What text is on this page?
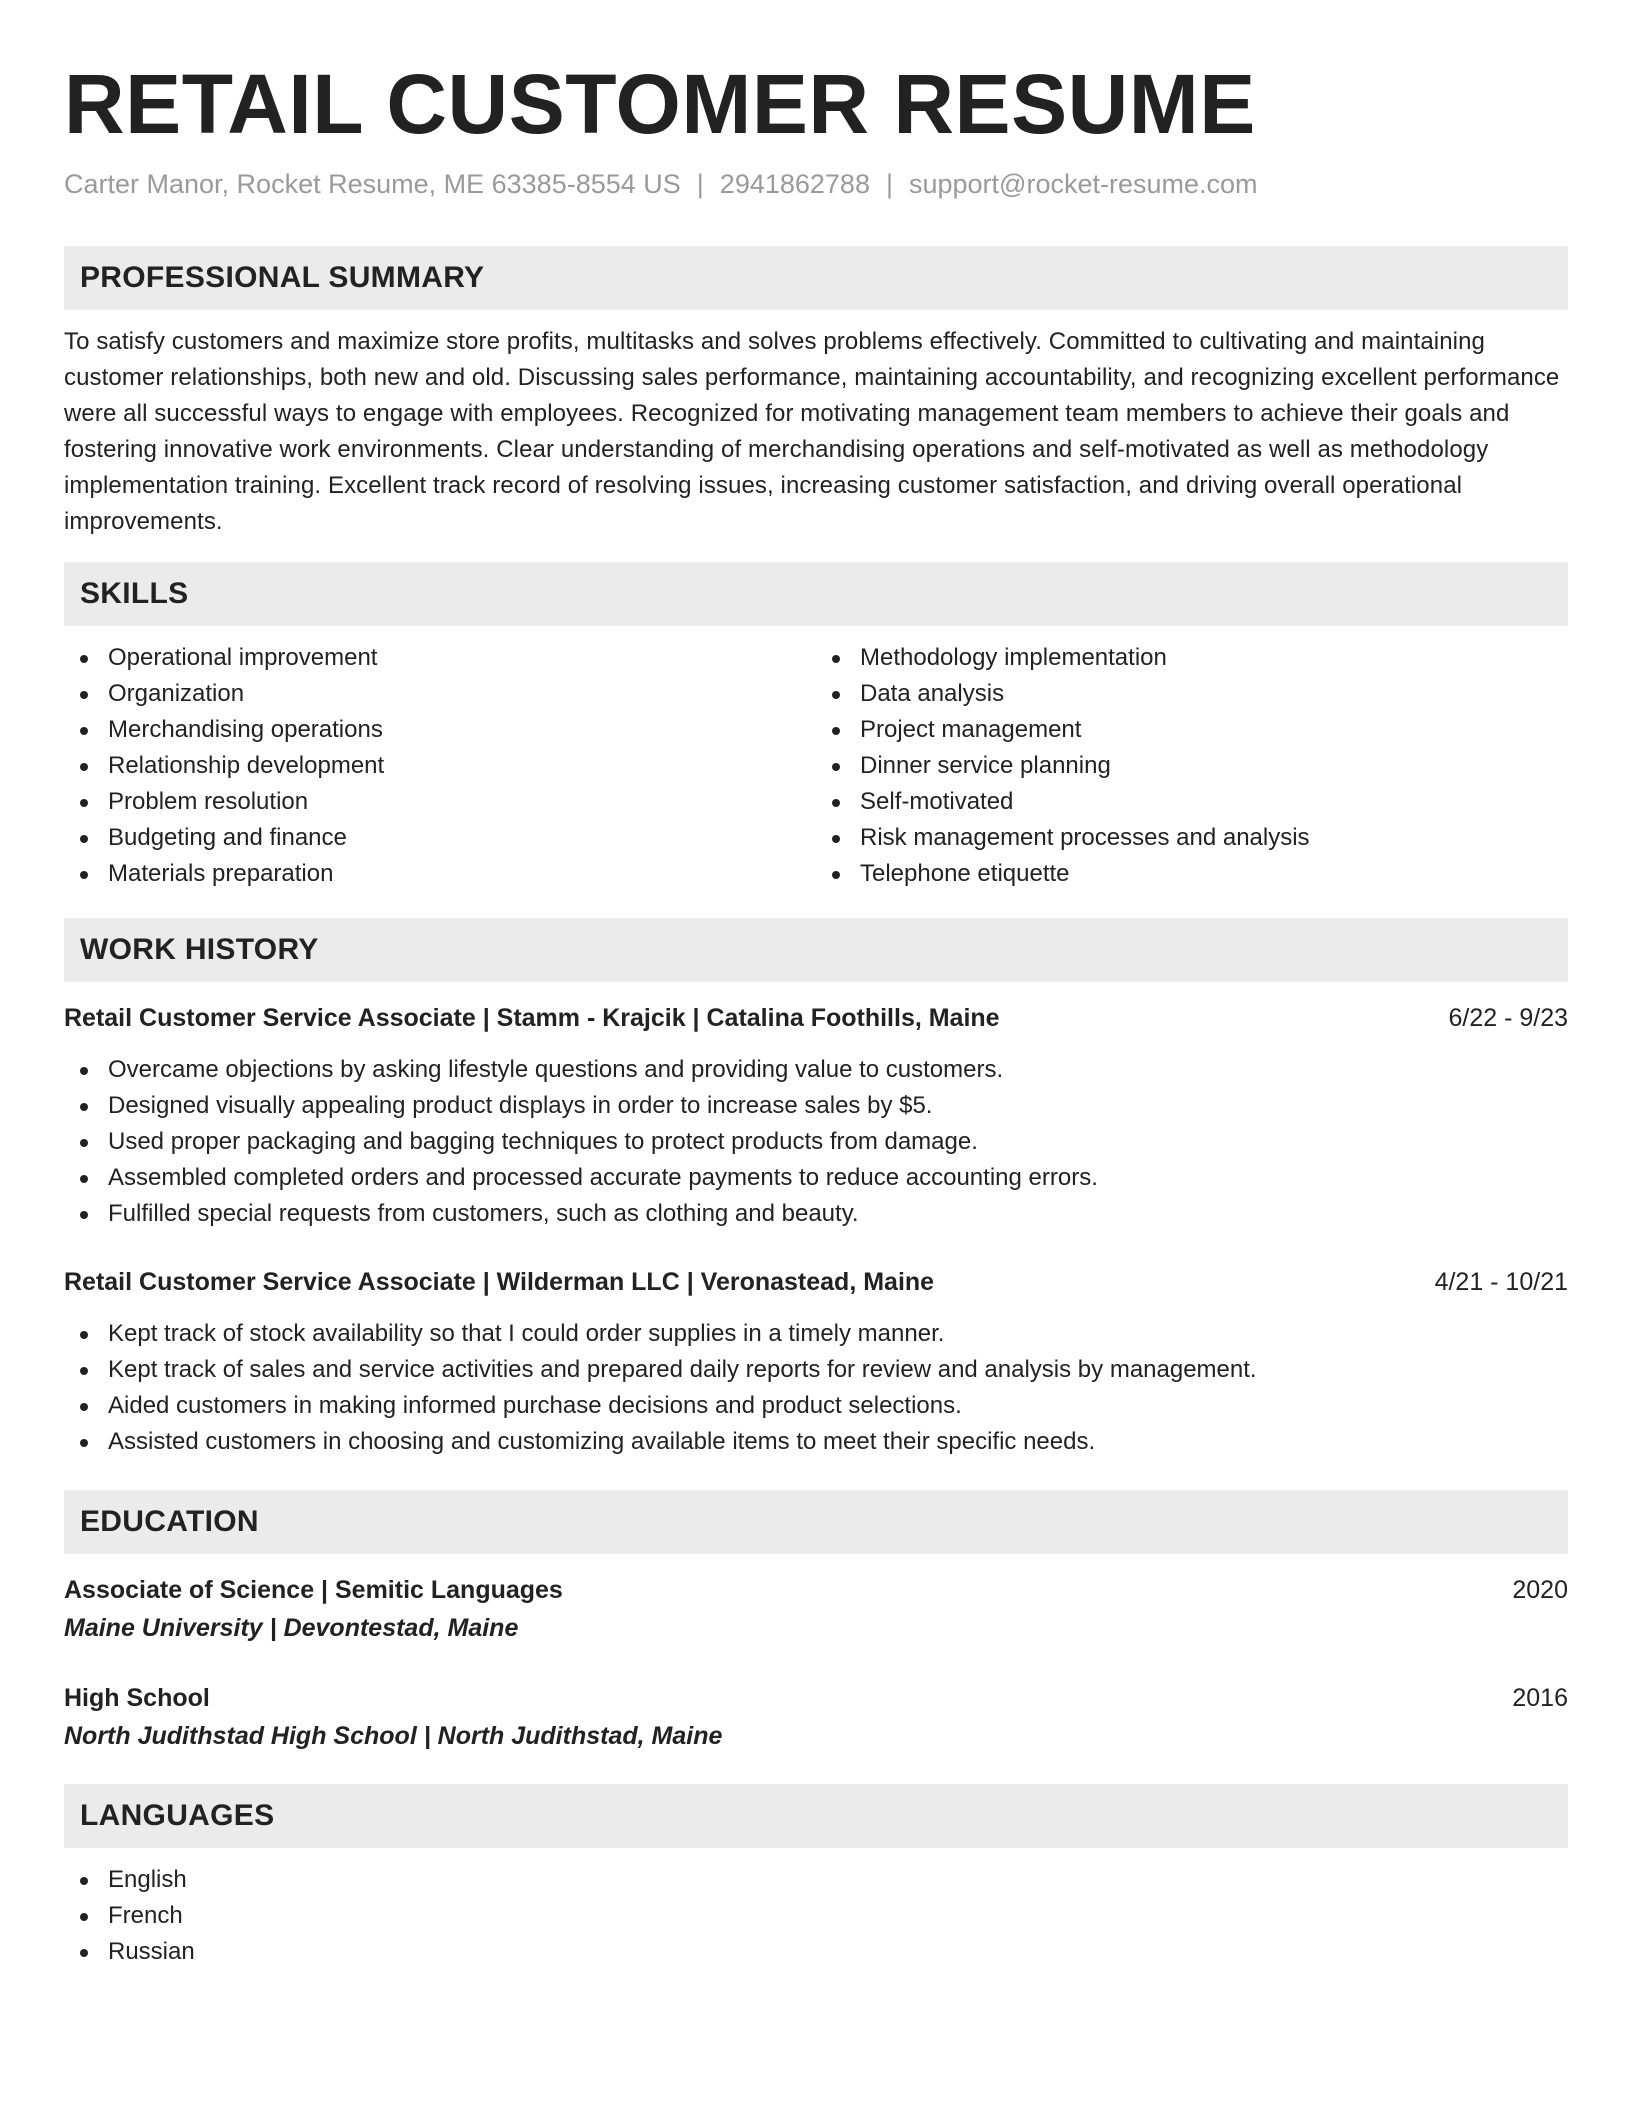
RETAIL CUSTOMER RESUME
Carter Manor, Rocket Resume, ME 63385-8554 US | 2941862788 | support@rocket-resume.com
PROFESSIONAL SUMMARY

To satisfy customers and maximize store profits, multitasks and solves problems effectively. Committed to cultivating and maintaining customer relationships, both new and old. Discussing sales performance, maintaining accountability, and recognizing excellent performance were all successful ways to engage with employees. Recognized for motivating management team members to achieve their goals and fostering innovative work environments. Clear understanding of merchandising operations and self-motivated as well as methodology implementation training. Excellent track record of resolving issues, increasing customer satisfaction, and driving overall operational improvements.

SKILLS
Operational improvement
Organization
Merchandising operations
Relationship development
Problem resolution
Budgeting and finance
Materials preparation
Methodology implementation
Data analysis
Project management
Dinner service planning
Self-motivated
Risk management processes and analysis
Telephone etiquette
WORK HISTORY
Retail Customer Service Associate | Stamm - Krajcik | Catalina Foothills, Maine	6/22 - 9/23
Overcame objections by asking lifestyle questions and providing value to customers.
Designed visually appealing product displays in order to increase sales by $5.
Used proper packaging and bagging techniques to protect products from damage.
Assembled completed orders and processed accurate payments to reduce accounting errors.
Fulfilled special requests from customers, such as clothing and beauty.
Retail Customer Service Associate | Wilderman LLC | Veronastead, Maine	4/21 - 10/21
Kept track of stock availability so that I could order supplies in a timely manner.
Kept track of sales and service activities and prepared daily reports for review and analysis by management.
Aided customers in making informed purchase decisions and product selections.
Assisted customers in choosing and customizing available items to meet their specific needs.
EDUCATION
Associate of Science | Semitic Languages	2020
Maine University | Devontestad, Maine
High School	2016
North Judithstad High School | North Judithstad, Maine
LANGUAGES
English
French
Russian
